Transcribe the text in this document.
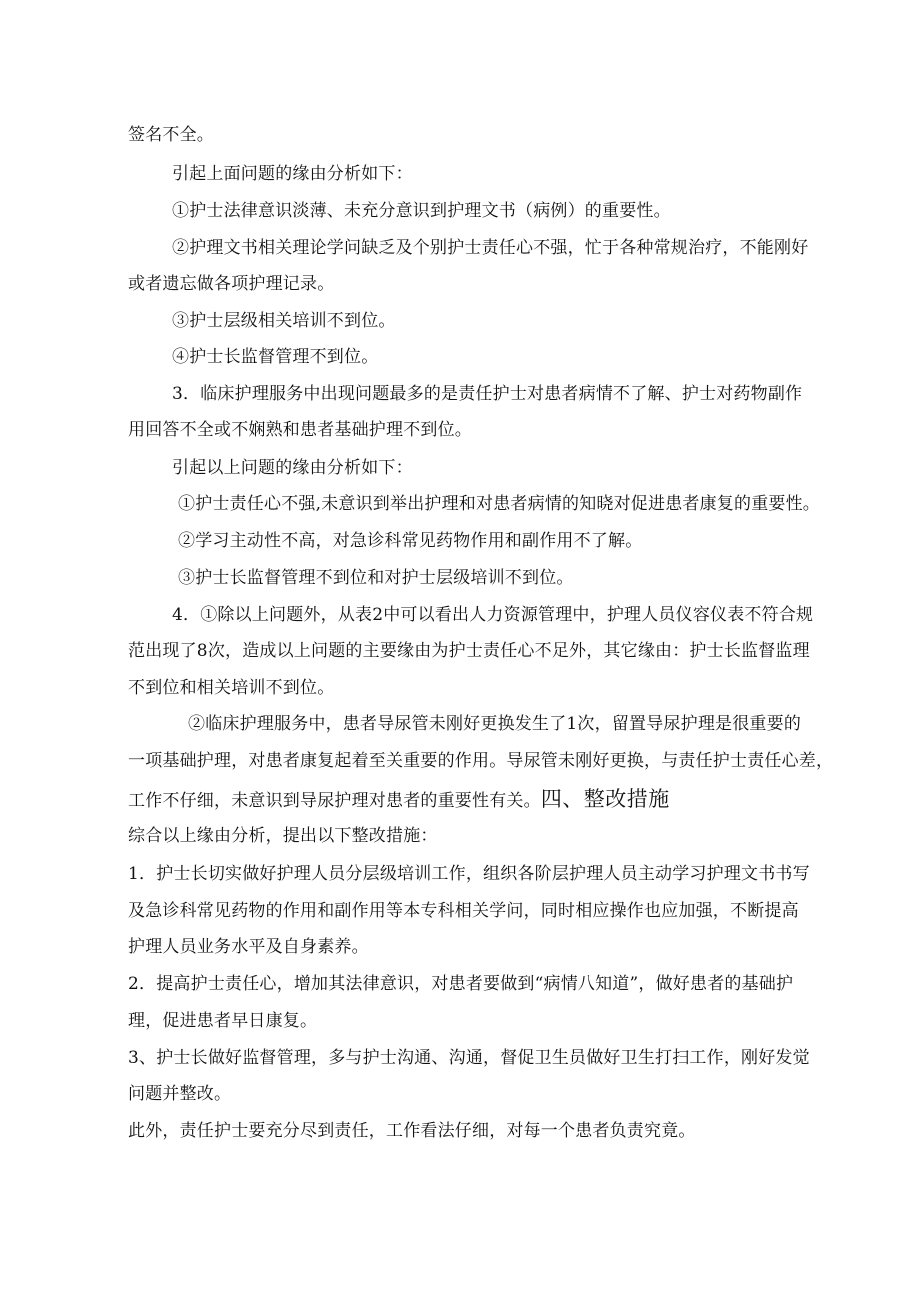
签名不全。
引起上面问题的缘由分析如下：
①护士法律意识淡薄、未充分意识到护理文书（病例）的重要性。
②护理文书相关理论学问缺乏及个别护士责任心不强，忙于各种常规治疗，不能刚好
或者遗忘做各项护理记录。
③护士层级相关培训不到位。
④护士长监督管理不到位。
3．临床护理服务中出现问题最多的是责任护士对患者病情不了解、护士对药物副作
用回答不全或不娴熟和患者基础护理不到位。
引起以上问题的缘由分析如下：
①护士责任心不强,未意识到举出护理和对患者病情的知晓对促进患者康复的重要性。
②学习主动性不高，对急诊科常见药物作用和副作用不了解。
③护士长监督管理不到位和对护士层级培训不到位。
4．①除以上问题外，从表2中可以看出人力资源管理中，护理人员仪容仪表不符合规
范出现了8次，造成以上问题的主要缘由为护士责任心不足外，其它缘由：护士长监督监理
不到位和相关培训不到位。
②临床护理服务中，患者导尿管未刚好更换发生了1次，留置导尿护理是很重要的
一项基础护理，对患者康复起着至关重要的作用。导尿管未刚好更换，与责任护士责任心差，
工作不仔细，未意识到导尿护理对患者的重要性有关。四、整改措施
综合以上缘由分析，提出以下整改措施：
1．护士长切实做好护理人员分层级培训工作，组织各阶层护理人员主动学习护理文书书写
及急诊科常见药物的作用和副作用等本专科相关学问，同时相应操作也应加强，不断提高
护理人员业务水平及自身素养。
2．提高护士责任心，增加其法律意识，对患者要做到“病情八知道”，做好患者的基础护
理，促进患者早日康复。
3、护士长做好监督管理，多与护士沟通、沟通，督促卫生员做好卫生打扫工作，刚好发觉
问题并整改。
此外，责任护士要充分尽到责任，工作看法仔细，对每一个患者负责究竟。
